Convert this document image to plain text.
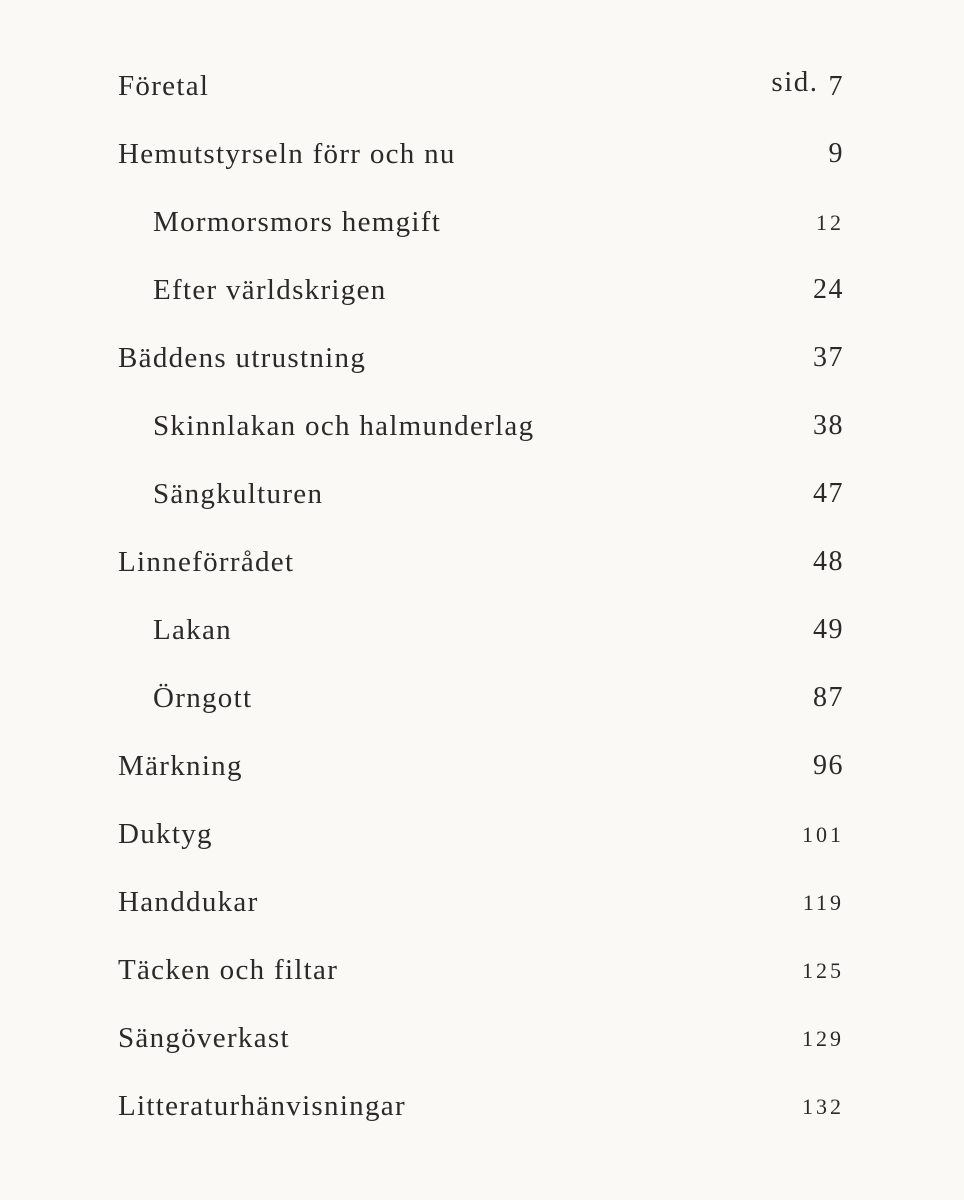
Företal	sid. 7
Hemutstyrseln förr och nu	9
Mormorsmors hemgift	12
Efter världskrigen	24
Bäddens utrustning	37
Skinnlakan och halmunderlag	38
Sängkulturen	47
Linneförrådet	48
Lakan	49
Örngott	87
Märkning	96
Duktyg	101
Handdukar	119
Täcken och filtar	125
Sängöverkast	129
Litteraturhänvisningar	132
